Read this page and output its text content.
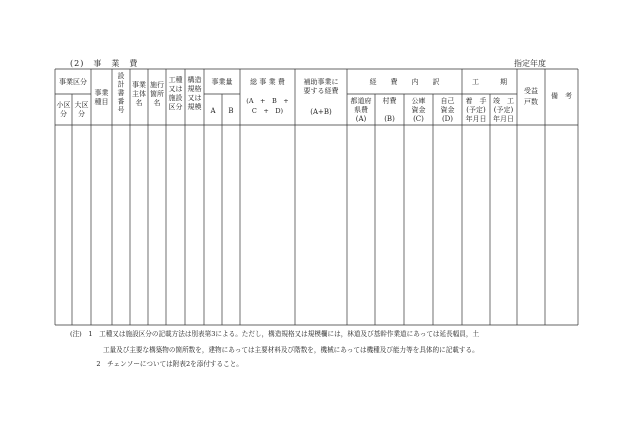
(2)　事　業　費	指定年度
事業区分
小区
分
大区
分
事業
種目
設
計
書
番
号
事業
主体
名
施行
箇所
名
工種
又は
施設
区分
構造
規格
又は
規模
事業量
A B
総 事 業 費
(A　+　B　+
C　+　D)
補助事業に
要する経費
(A+B)
経　　費　　内　　訳
都道府
県費
(A)
村費
(B)
公庫
資金
(C)
自己
資金
(D)
工　　　期
着　手
(予定)
年月日
竣　工
(予定)
年月日
受益
戸数
備　考
(注)　1　工種又は施設区分の記載方法は別表第3による。ただし，構造規格又は規模欄には，林道及び基幹作業道にあっては延長幅員，土
　　　　　工量及び主要な構築物の箇所数を，建物にあっては主要材料及び階数を，機械にあっては機種及び能力等を具体的に記載する。
　　　　2　チェンソーについては附表2を添付すること。
